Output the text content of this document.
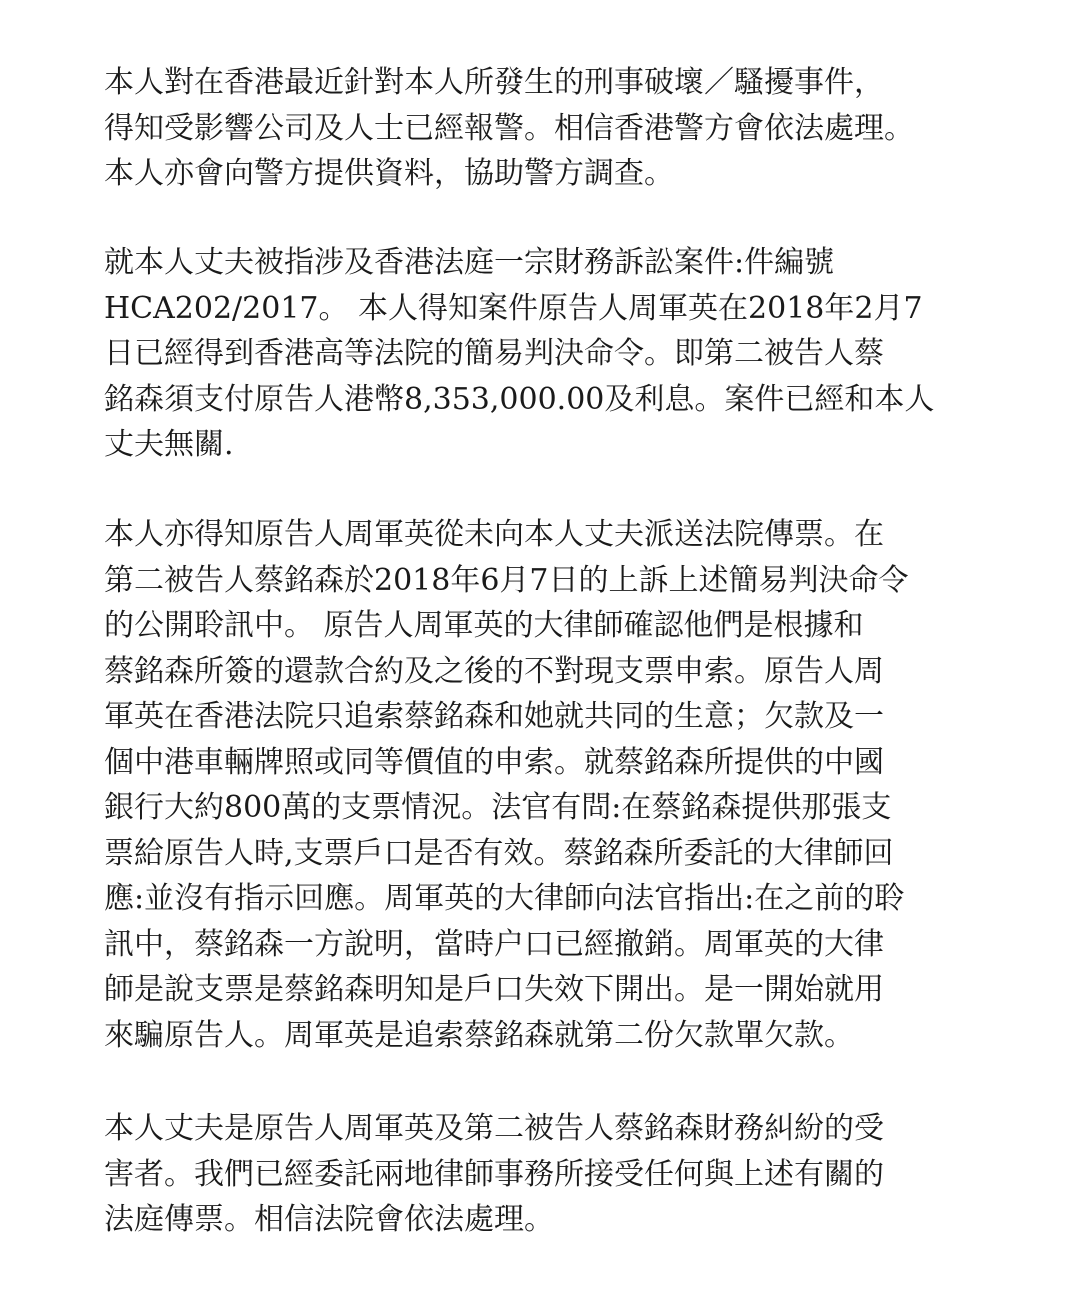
本人對在香港最近針對本人所發生的刑事破壞／騷擾事件，
得知受影響公司及人士已經報警。相信香港警方會依法處理。
本人亦會向警方提供資料，協助警方調查。

就本人丈夫被指涉及香港法庭一宗財務訴訟案件:件編號
HCA202/2017。 本人得知案件原告人周軍英在2018年2月7
日已經得到香港高等法院的簡易判決命令。即第二被告人蔡
銘森須支付原告人港幣8,353,000.00及利息。案件已經和本人
丈夫無關.

本人亦得知原告人周軍英從未向本人丈夫派送法院傳票。在
第二被告人蔡銘森於2018年6月7日的上訴上述簡易判決命令
的公開聆訊中。 原告人周軍英的大律師確認他們是根據和
蔡銘森所簽的還款合約及之後的不對現支票申索。原告人周
軍英在香港法院只追索蔡銘森和她就共同的生意；欠款及一
個中港車輛牌照或同等價值的申索。就蔡銘森所提供的中國
銀行大約800萬的支票情況。法官有問:在蔡銘森提供那張支
票給原告人時,支票戶口是否有效。蔡銘森所委託的大律師回
應:並沒有指示回應。周軍英的大律師向法官指出:在之前的聆
訊中，蔡銘森一方說明，當時户口已經撤銷。周軍英的大律
師是說支票是蔡銘森明知是戶口失效下開出。是一開始就用
來騙原告人。周軍英是追索蔡銘森就第二份欠款單欠款。

本人丈夫是原告人周軍英及第二被告人蔡銘森財務糾紛的受
害者。我們已經委託兩地律師事務所接受任何與上述有關的
法庭傳票。相信法院會依法處理。
